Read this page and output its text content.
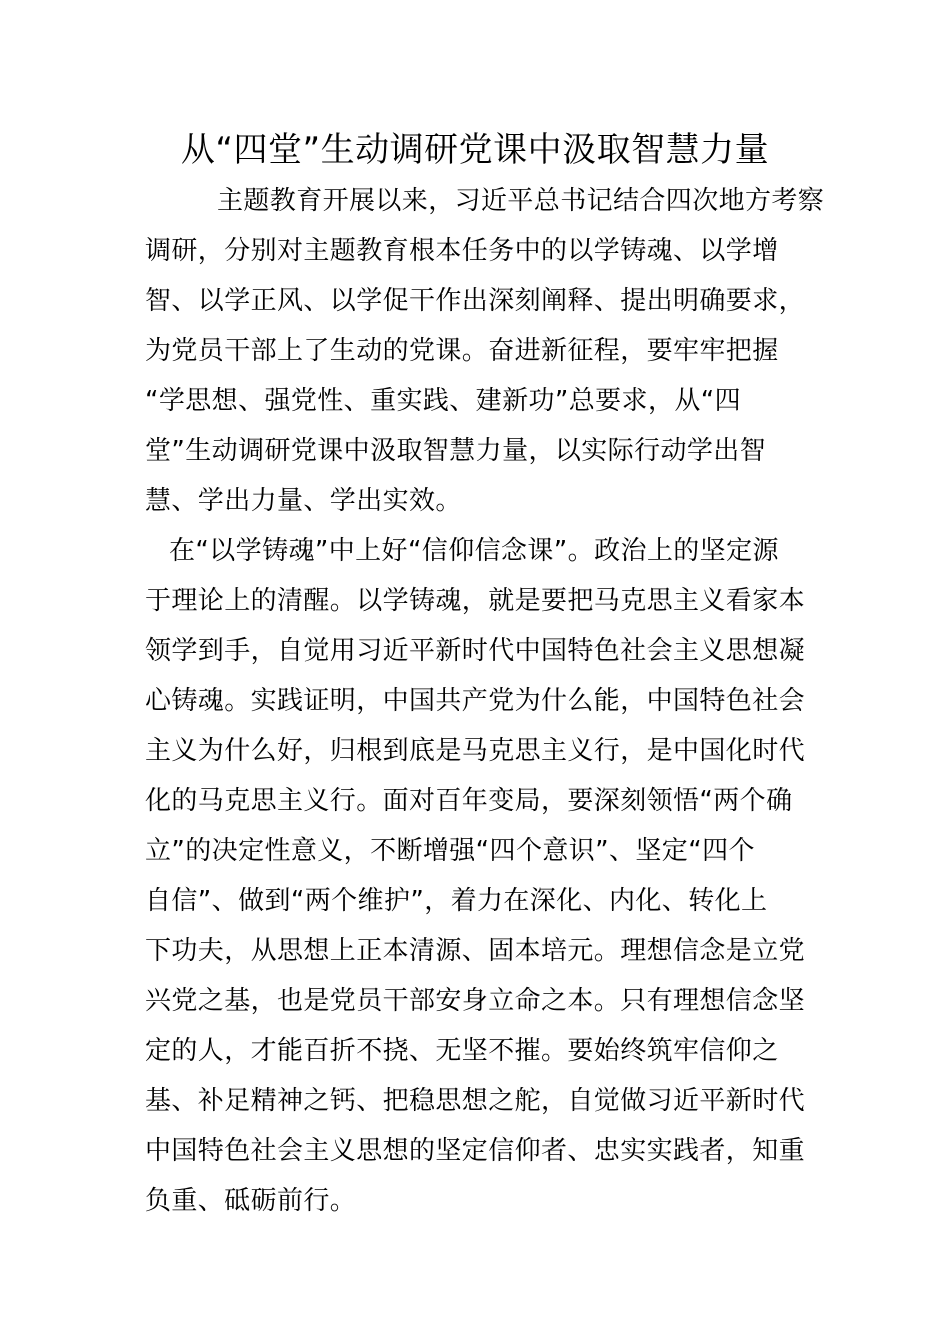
从“四堂”生动调研党课中汲取智慧力量
主题教育开展以来，习近平总书记结合四次地方考察
调研，分别对主题教育根本任务中的以学铸魂、以学增
智、以学正风、以学促干作出深刻阐释、提出明确要求，
为党员干部上了生动的党课。奋进新征程，要牢牢把握
“学思想、强党性、重实践、建新功”总要求，从“四
堂”生动调研党课中汲取智慧力量，以实际行动学出智
慧、学出力量、学出实效。
在“以学铸魂”中上好“信仰信念课”。政治上的坚定源
于理论上的清醒。以学铸魂，就是要把马克思主义看家本
领学到手，自觉用习近平新时代中国特色社会主义思想凝
心铸魂。实践证明，中国共产党为什么能，中国特色社会
主义为什么好，归根到底是马克思主义行，是中国化时代
化的马克思主义行。面对百年变局，要深刻领悟“两个确
立”的决定性意义，不断增强“四个意识”、坚定“四个
自信”、做到“两个维护”，着力在深化、内化、转化上
下功夫，从思想上正本清源、固本培元。理想信念是立党
兴党之基，也是党员干部安身立命之本。只有理想信念坚
定的人，才能百折不挠、无坚不摧。要始终筑牢信仰之
基、补足精神之钙、把稳思想之舵，自觉做习近平新时代
中国特色社会主义思想的坚定信仰者、忠实实践者，知重
负重、砥砺前行。
